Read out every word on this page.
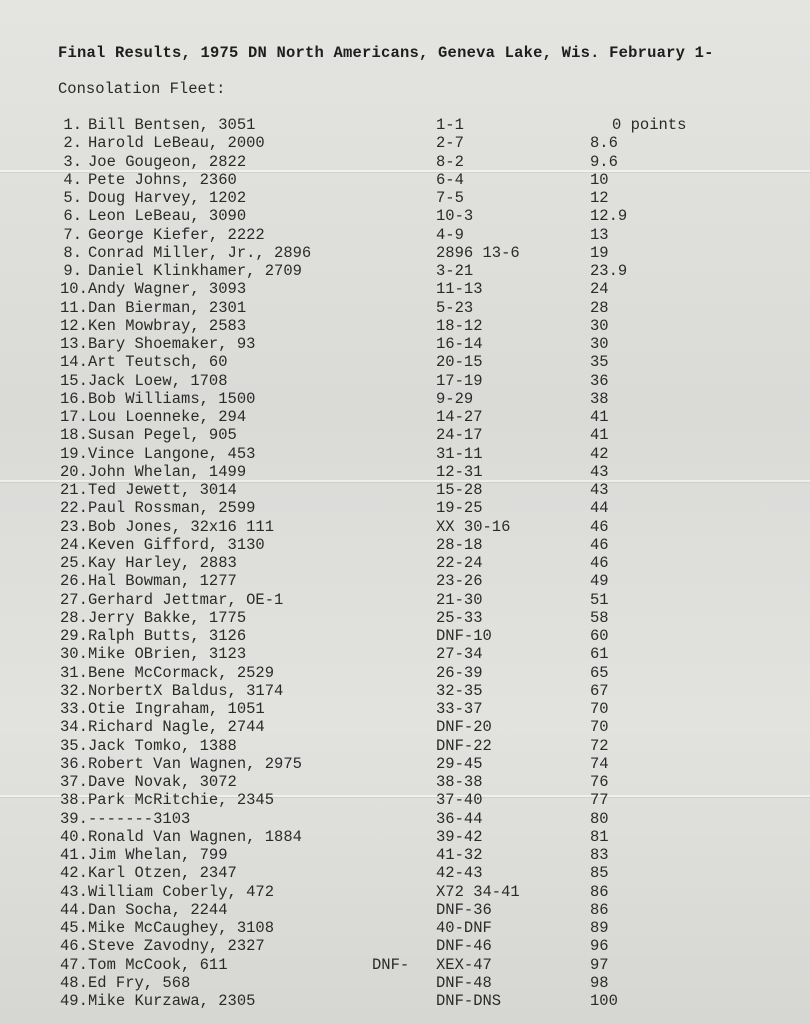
Final Results, 1975 DN North Americans, Geneva Lake, Wis. February 1-
Consolation Fleet:
1. Bill Bentsen, 3051	1-1	0 points
2. Harold LeBeau, 2000	2-7	8.6
3. Joe Gougeon, 2822	8-2	9.6
4. Pete Johns, 2360	6-4	10
5. Doug Harvey, 1202	7-5	12
6. Leon LeBeau, 3090	10-3	12.9
7. George Kiefer, 2222	4-9	13
8. Conrad Miller, Jr., 2896	2896 13-6	19
9. Daniel Klinkhamer, 2709	3-21	23.9
10. Andy Wagner, 3093	11-13	24
11. Dan Bierman, 2301	5-23	28
12. Ken Mowbray, 2583	18-12	30
13. Bary Shoemaker, 93	16-14	30
14. Art Teutsch, 60	20-15	35
15. Jack Loew, 1708	17-19	36
16. Bob Williams, 1500	9-29	38
17. Lou Loenneke, 294	14-27	41
18. Susan Pegel, 905	24-17	41
19. Vince Langone, 453	31-11	42
20. John Whelan, 1499	12-31	43
21. Ted Jewett, 3014	15-28	43
22. Paul Rossman, 2599	19-25	44
23. Bob Jones, 32x16 111	XX 30-16	46
24. Keven Gifford, 3130	28-18	46
25. Kay Harley, 2883	22-24	46
26. Hal Bowman, 1277	23-26	49
27. Gerhard Jettmar, OE-1	21-30	51
28. Jerry Bakke, 1775	25-33	58
29. Ralph Butts, 3126	DNF-10	60
30. Mike OBrien, 3123	27-34	61
31. Bene McCormack, 2529	26-39	65
32. NorbertX Baldus, 3174	32-35	67
33. Otie Ingraham, 1051	33-37	70
34. Richard Nagle, 2744	DNF-20	70
35. Jack Tomko, 1388	DNF-22	72
36. Robert Van Wagnen, 2975	29-45	74
37. Dave Novak, 3072	38-38	76
38. Park McRitchie, 2345	37-40	77
39. -------3103	36-44	80
40. Ronald Van Wagnen, 1884	39-42	81
41. Jim Whelan, 799	41-32	83
42. Karl Otzen, 2347	42-43	85
43. William Coberly, 472	X72 34-41	86
44. Dan Socha, 2244	DNF-36	86
45. Mike McCaughey, 3108	40-DNF	89
46. Steve Zavodny, 2327	DNF-46	96
47. Tom McCook, 611	DNF- XEX-47	97
48. Ed Fry, 568	DNF-48	98
49. Mike Kurzawa, 2305	DNF-DNS	100
